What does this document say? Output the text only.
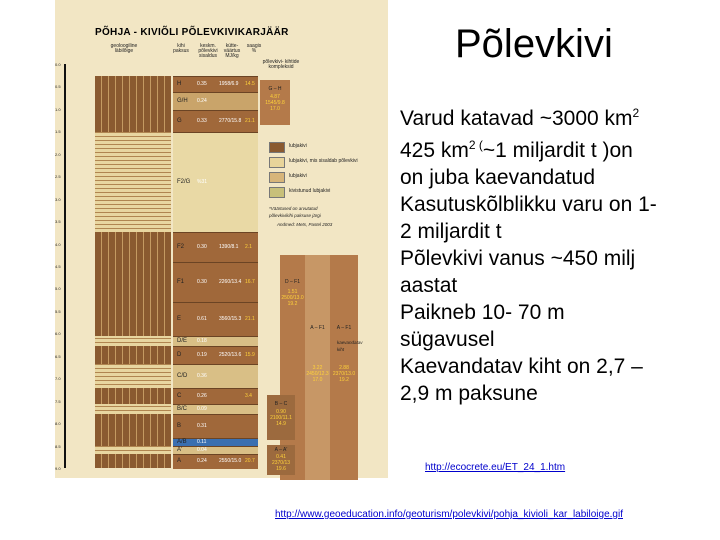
PÕHJA - KIVIÕLI PÕLEVKIVIKARJÄÄR
geoloogiline läbilõige
kihi paksus
keskm. põlevkivi sisaldus
kütte- väärtus MJ/kg
saagis %
põlevkivi- kihtide kompleksid
0.0
0.5
1.0
1.5
2.0
2.5
3.0
3.5
4.0
4.5
5.0
5.5
6.0
6.5
7.0
7.5
8.0
8.5
9.0
H	0.35 1958/6.9 14.5
G/H 0.24
G	0.33 2770/15.8 21.1
F2/G %31
F2	0.30 1390/8.1 2.1
F1	0.30 2260/13.4 16.7
E	0.61 3560/15.3 21.1
D/E 0.18
D	0.19 2520/13.6 15.9
C/D 0.36
C	0.26	3.4
B/C 0.09
B	0.31
A/B 0.11
A'	0.04
A	0.24 2550/15.0 20.7
lubjakivi
lubjakivi, mis sisaldab põlevkivi
lubjakivi
kivistunud lubjakivi
*Väärtused on arvutatud
põlevkivikihi paksuse järgi
Andmed: Mets, Pastel 2003
G – H
4.87
1545/9.8
17.0
D – F1
1.51
2500/13.0
19.2
A – F1
3.22
2450/12.3
17.0
A – F1
2.88
2370/13.0
19.2
B – C
0.90
2100/11.1
14.9
A – A'
0.41
2370/13
19.6
kaevandatav
kiht
Põlevkivi
Varud katavad ~3000 $km^2$
425 $km^{2 (}\sim 1$ miljardit t )on
on juba kaevandatud
Kasutuskõlblikku varu on 1-
2 miljardit t
Põlevkivi vanus ~450 milj
aastat
Paikneb 10- 70 m
sügavusel
Kaevandatav kiht on 2,7 –
2,9 m paksune
http://ecocrete.eu/ET_24_1.htm
http://www.geoeducation.info/geoturism/polevkivi/pohja_kivioli_kar_labiloige.gif
